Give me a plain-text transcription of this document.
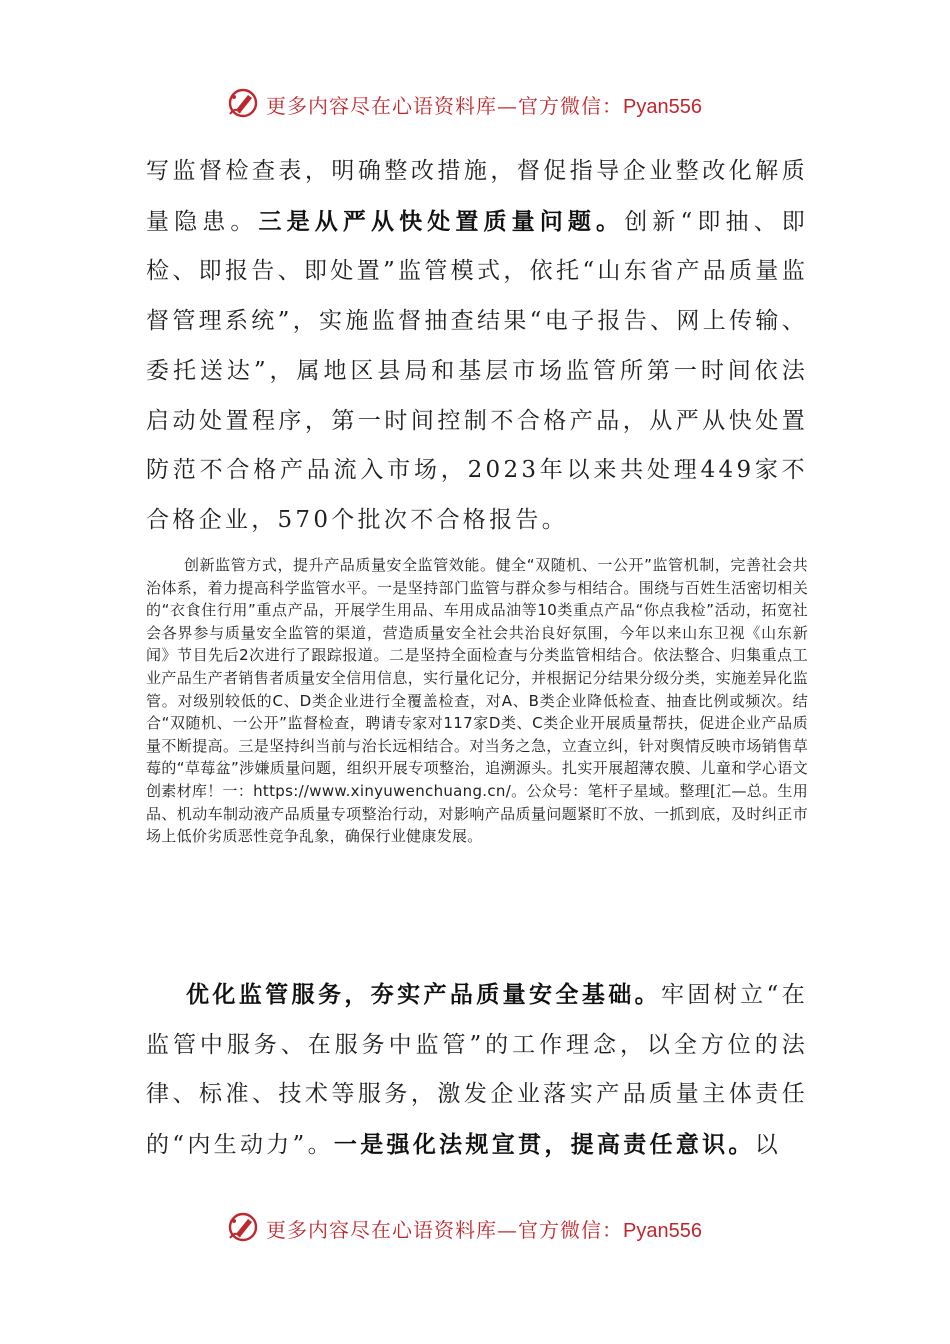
更多内容尽在心语资料库—官方微信：Pyan556

写监督检查表，明确整改措施，督促指导企业整改化解质量隐患。三是从严从快处置质量问题。创新“即抽、即检、即报告、即处置”监管模式，依托“山东省产品质量监督管理系统”，实施监督抽查结果“电子报告、网上传输、委托送达”，属地区县局和基层市场监管所第一时间依法启动处置程序，第一时间控制不合格产品，从严从快处置防范不合格产品流入市场，2023年以来共处理449家不合格企业，570个批次不合格报告。

创新监管方式，提升产品质量安全监管效能。健全“双随机、一公开”监管机制，完善社会共治体系，着力提高科学监管水平。一是坚持部门监管与群众参与相结合。围绕与百姓生活密切相关的“衣食住行用”重点产品，开展学生用品、车用成品油等10类重点产品“你点我检”活动，拓宽社会各界参与质量安全监管的渠道，营造质量安全社会共治良好氛围，今年以来山东卫视《山东新闻》节目先后2次进行了跟踪报道。二是坚持全面检查与分类监管相结合。依法整合、归集重点工业产品生产者销售者质量安全信用信息，实行量化记分，并根据记分结果分级分类，实施差异化监管。对级别较低的C、D类企业进行全覆盖检查，对A、B类企业降低检查、抽查比例或频次。结合“双随机、一公开”监督检查，聘请专家对117家D类、C类企业开展质量帮扶，促进企业产品质量不断提高。三是坚持纠当前与治长远相结合。对当务之急，立查立纠，针对舆情反映市场销售草莓的“草莓盆”涉嫌质量问题，组织开展专项整治，追溯源头。扎实开展超薄农膜、儿童和学心语文创素材库！一：https://www.xinyuwenchuang.cn/。公众号：笔杆子星域。整理[汇—总。生用品、机动车制动液产品质量专项整治行动，对影响产品质量问题紧盯不放、一抓到底，及时纠正市场上低价劣质恶性竞争乱象，确保行业健康发展。

优化监管服务，夯实产品质量安全基础。牢固树立“在监管中服务、在服务中监管”的工作理念，以全方位的法律、标准、技术等服务，激发企业落实产品质量主体责任的“内生动力”。一是强化法规宣贯，提高责任意识。以

更多内容尽在心语资料库—官方微信：Pyan556
